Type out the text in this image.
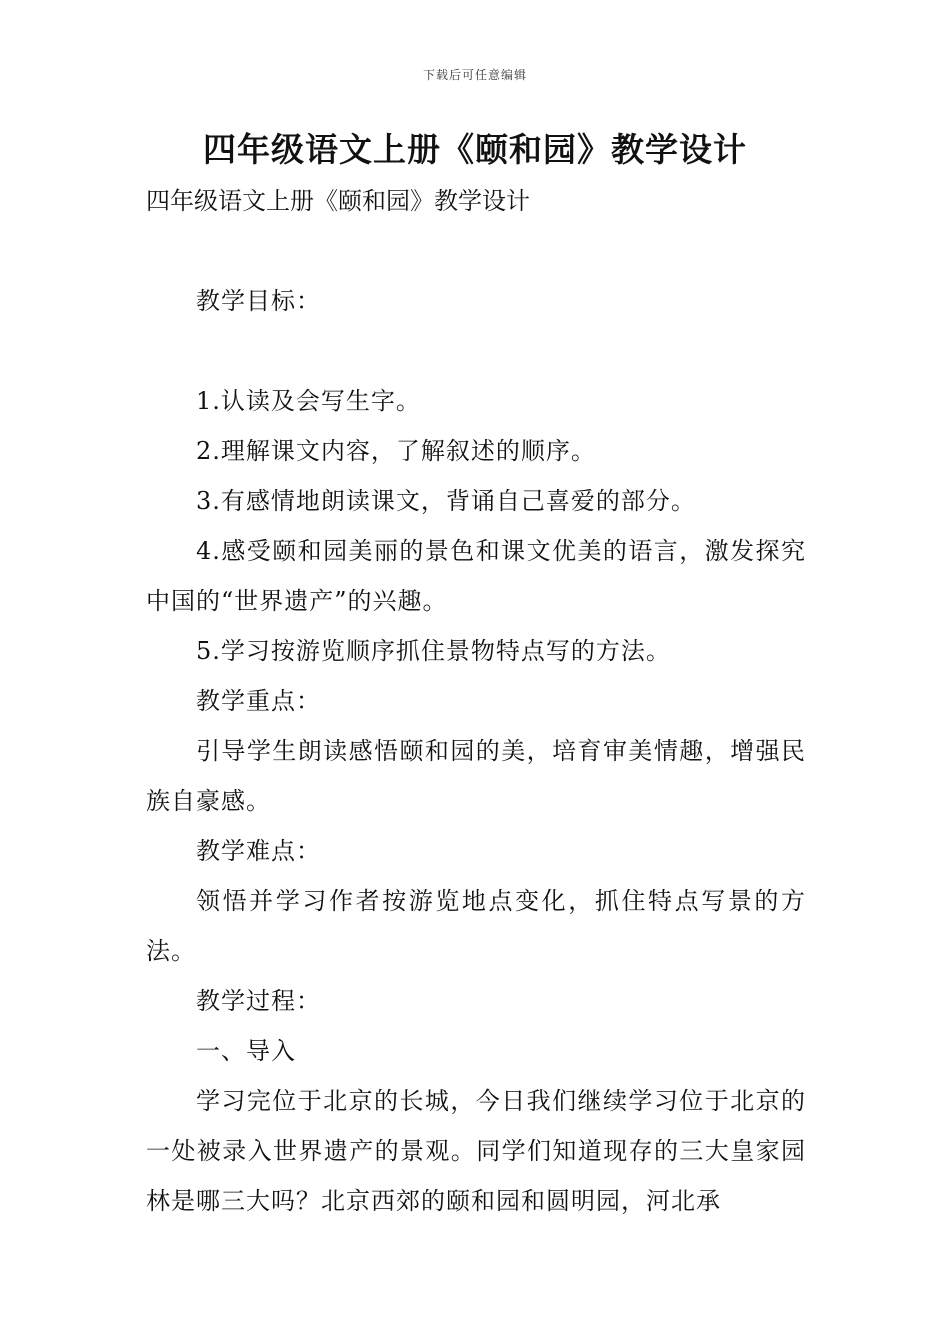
下载后可任意编辑
四年级语文上册《颐和园》教学设计

四年级语文上册《颐和园》教学设计

教学目标：

1.认读及会写生字。

2.理解课文内容，了解叙述的顺序。

3.有感情地朗读课文，背诵自己喜爱的部分。

4.感受颐和园美丽的景色和课文优美的语言，激发探究中国的“世界遗产”的兴趣。

5.学习按游览顺序抓住景物特点写的方法。

教学重点：

引导学生朗读感悟颐和园的美，培育审美情趣，增强民族自豪感。

教学难点：

领悟并学习作者按游览地点变化，抓住特点写景的方法。

教学过程：

一、导入

学习完位于北京的长城，今日我们继续学习位于北京的一处被录入世界遗产的景观。同学们知道现存的三大皇家园林是哪三大吗？北京西郊的颐和园和圆明园，河北承
